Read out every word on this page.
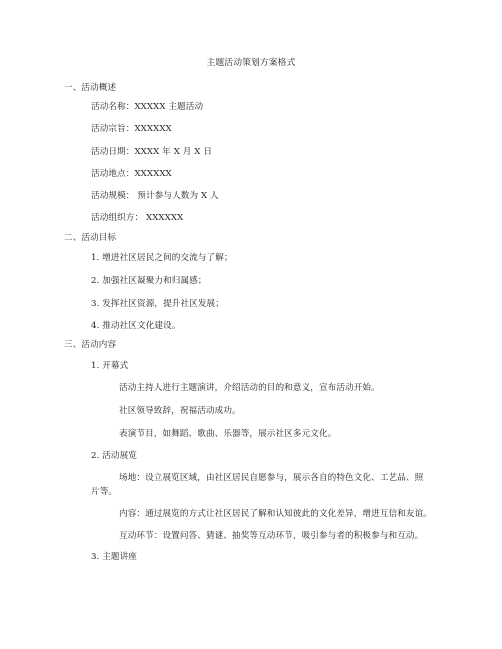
主题活动策划方案格式
一、活动概述
活动名称：XXXXX 主题活动
活动宗旨：XXXXXX
活动日期：XXXX 年 X 月 X 日
活动地点：XXXXXX
活动规模： 预计参与人数为 X 人
活动组织方： XXXXXX
二、活动目标
1. 增进社区居民之间的交流与了解；
2. 加强社区凝聚力和归属感；
3. 发挥社区资源，提升社区发展；
4. 推动社区文化建设。
三、活动内容
1. 开幕式
活动主持人进行主题演讲，介绍活动的目的和意义，宣布活动开始。
社区领导致辞，祝福活动成功。
表演节目，如舞蹈、歌曲、乐器等，展示社区多元文化。
2. 活动展览
场地：设立展览区域，由社区居民自愿参与，展示各自的特色文化、工艺品、照
片等。
内容：通过展览的方式让社区居民了解和认知彼此的文化差异，增进互信和友谊。
互动环节：设置问答、猜谜、抽奖等互动环节，吸引参与者的积极参与和互动。
3. 主题讲座
